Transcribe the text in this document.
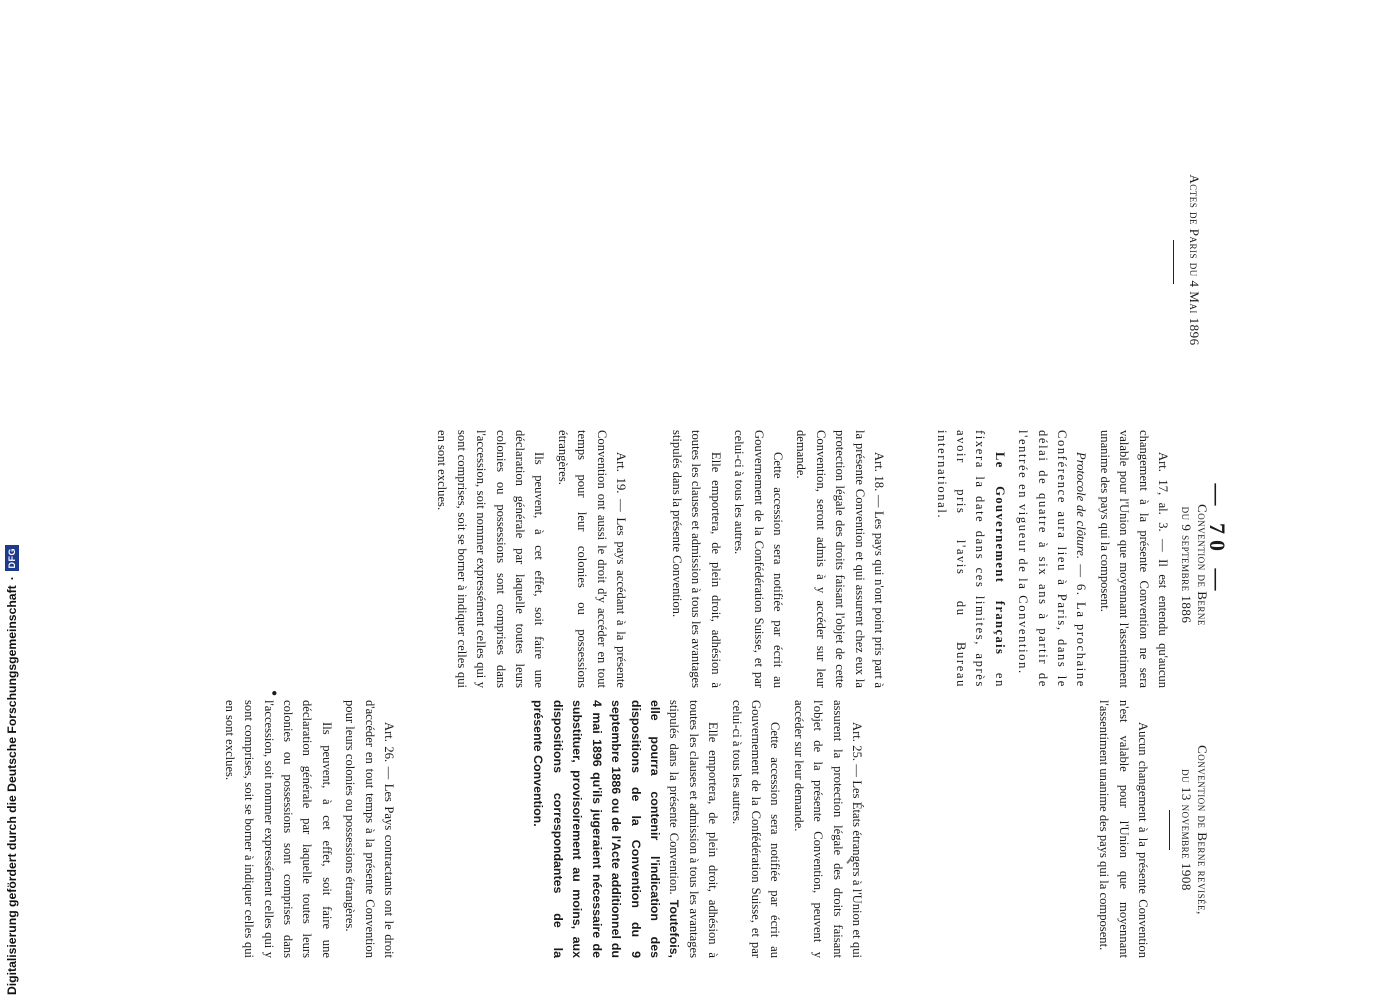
— 70 —
Actes de Paris du 4 Mai 1896
Convention de Berne
du 9 septembre 1886
Convention de Berne revisée,
du 13 novembre 1908

Art. 17, al. 3. — Il est entendu qu'aucun changement à la présente Convention ne sera valable pour l'Union que moyennant l'assentiment unanime des pays qui la composent.

Protocole de clôture. — 6. La prochaine Conférence aura lieu à Paris, dans le délai de quatre à six ans à partir de l'entrée en vigueur de la Convention.

Le Gouvernement français en fixera la date dans ces limites, après avoir pris l'avis du Bureau international.

Aucun changement à la présente Convention n'est valable pour l'Union que moyennant l'assentiment unanime des pays qui la composent.

Art. 18. — Les pays qui n'ont point pris part à la présente Convention et qui assurent chez eux la protection légale des droits faisant l'objet de cette Convention, seront admis à y accéder sur leur demande.

Cette accession sera notifiée par écrit au Gouvernement de la Confédération Suisse, et par celui-ci à tous les autres.

Elle emportera, de plein droit, adhésion à toutes les clauses et admission à tous les avantages stipulés dans la présente Convention.

Art. 25. — Les États étrangers à l'Union et qui assurent la protection légale des droits faisant l'objet de la présente Convention, peuvent y accéder sur leur demande.

Cette accession sera notifiée par écrit au Gouvernement de la Confédération Suisse, et par celui-ci à tous les autres.

Elle emportera, de plein droit, adhésion à toutes les clauses et admission à tous les avantages stipulés dans la présente Convention. Toutefois, elle pourra contenir l'indication des dispositions de la Convention du 9 septembre 1886 ou de l'Acte additionnel du 4 mai 1896 qu'ils jugeraient nécessaire de substituer, provisoirement au moins, aux dispositions correspondantes de la présente Convention.

Art. 19. — Les pays accédant à la présente Convention ont aussi le droit d'y accéder en tout temps pour leur colonies ou possessions étrangères.

Ils peuvent, à cet effet, soit faire une déclaration générale par laquelle toutes leurs colonies ou possessions sont comprises dans l'accession, soit nommer expressément celles qui y sont comprises, soit se borner à indiquer celles qui en sont exclues.

Art. 26. — Les Pays contractants ont le droit d'accéder en tout temps à la présente Convention pour leurs colonies ou possessions étrangères.

Ils peuvent, à cet effet, soit faire une déclaration générale par laquelle toutes leurs colonies ou possessions sont comprises dans l'accession, soit nommer expressément celles qui y sont comprises, soit se borner à indiquer celles qui en sont exclues.

•
Digitalisierung gefördert durch die Deutsche Forschungsgemeinschaft
·
DFG
